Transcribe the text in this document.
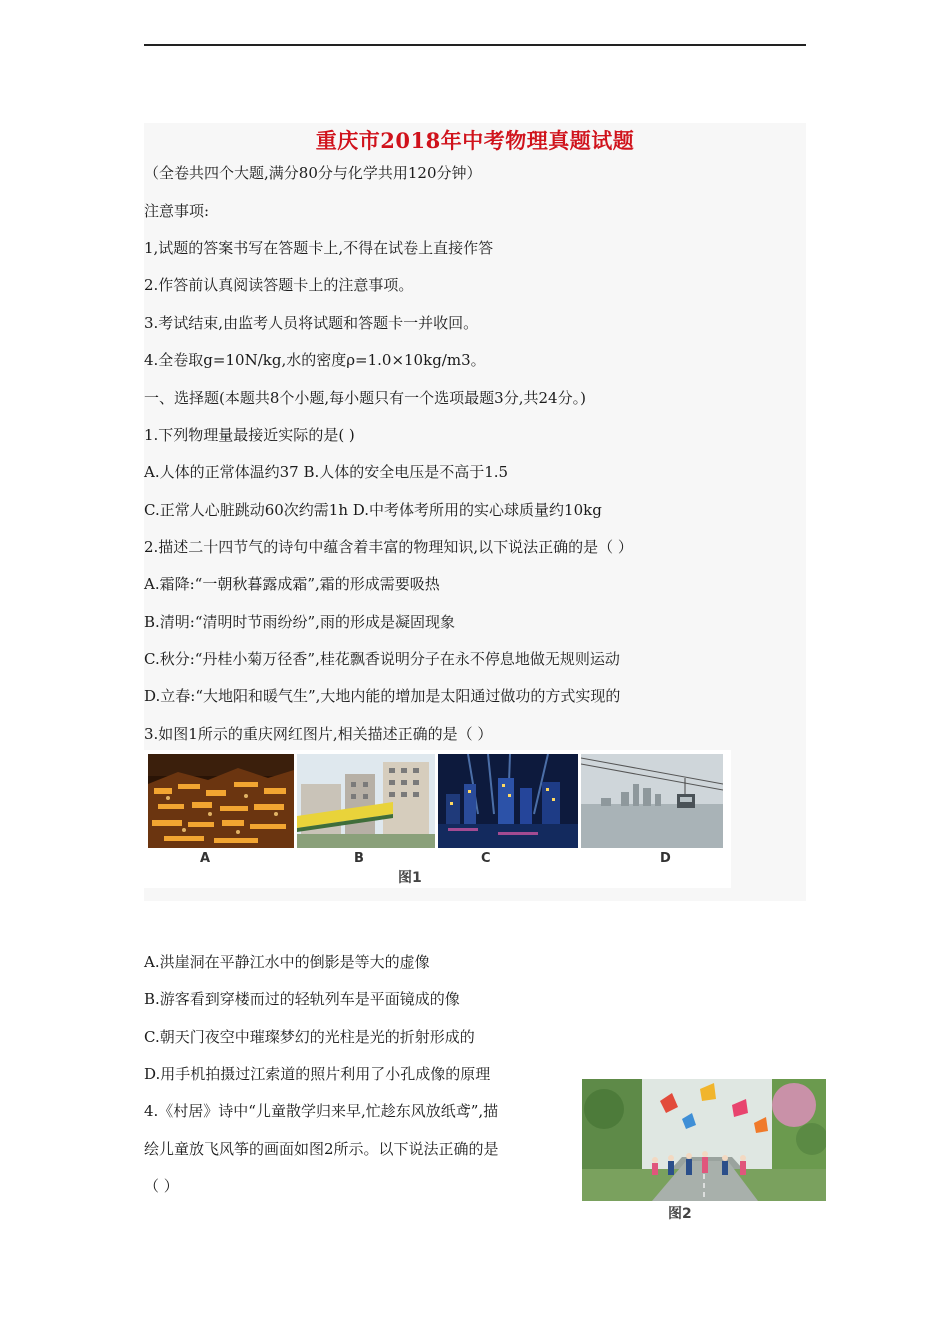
重庆市2018年中考物理真题试题
（全卷共四个大题,满分80分与化学共用120分钟）
注意事项:
1,试题的答案书写在答题卡上,不得在试卷上直接作答
2.作答前认真阅读答题卡上的注意事项。
3.考试结束,由监考人员将试题和答题卡一并收回。
4.全卷取g=10N/kg,水的密度ρ=1.0×10kg/m3。
一、选择题(本题共8个小题,每小题只有一个选项最题3分,共24分。)
1.下列物理量最接近实际的是( )
A.人体的正常体温约37 B.人体的安全电压是不高于1.5
C.正常人心脏跳动60次约需1h D.中考体考所用的实心球质量约10kg
2.描述二十四节气的诗句中蕴含着丰富的物理知识,以下说法正确的是（ ）
A.霜降:“一朝秋暮露成霜”,霜的形成需要吸热
B.清明:“清明时节雨纷纷”,雨的形成是凝固现象
C.秋分:“丹桂小菊万径香”,桂花飘香说明分子在永不停息地做无规则运动
D.立春:“大地阳和暖气生”,大地内能的增加是太阳通过做功的方式实现的
3.如图1所示的重庆网红图片,相关描述正确的是（ ）
A	B	C	D
图1
A.洪崖洞在平静江水中的倒影是等大的虚像
B.游客看到穿楼而过的轻轨列车是平面镜成的像
C.朝天门夜空中璀璨梦幻的光柱是光的折射形成的
D.用手机拍摄过江索道的照片利用了小孔成像的原理
4.《村居》诗中“儿童散学归来早,忙趁东风放纸鸢”,描
绘儿童放飞风筝的画面如图2所示。以下说法正确的是
（ ）
图2
